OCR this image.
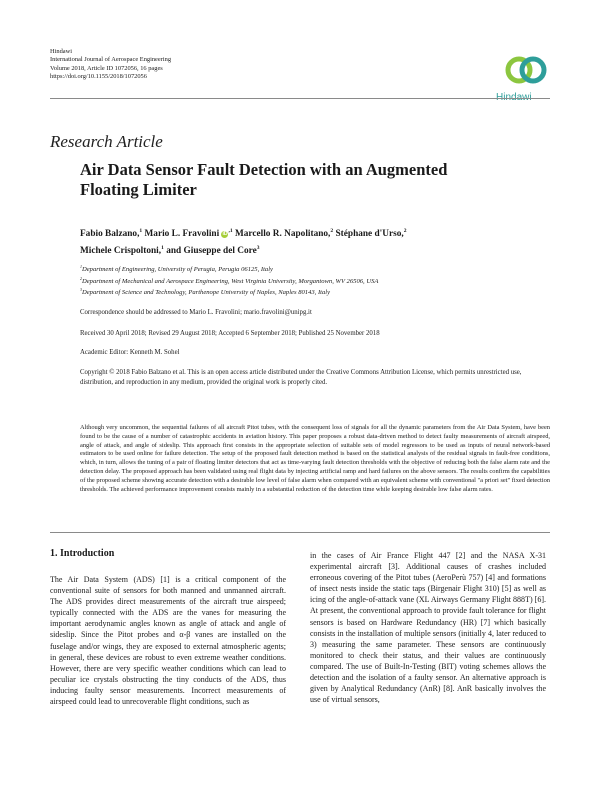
Hindawi
International Journal of Aerospace Engineering
Volume 2018, Article ID 1072056, 16 pages
https://doi.org/10.1155/2018/1072056
Hindawi
Research Article
Air Data Sensor Fault Detection with an Augmented Floating Limiter
Fabio Balzano,$^1$ Mario L. Fravolini $iD^{,1}$ Marcello R. Napolitano,$^2$ Stéphane d'Urso,$^2$
Michele Crispoltoni,$^1$ and Giuseppe del Core$^3$
$^1$Department of Engineering, University of Perugia, Perugia 06125, Italy
$^2$Department of Mechanical and Aerospace Engineering, West Virginia University, Morgantown, WV 26506, USA
$^3$Department of Science and Technology, Parthenope University of Naples, Naples 80143, Italy
Correspondence should be addressed to Mario L. Fravolini; mario.fravolini@unipg.it
Received 30 April 2018; Revised 29 August 2018; Accepted 6 September 2018; Published 25 November 2018
Academic Editor: Kenneth M. Sohel
Copyright © 2018 Fabio Balzano et al. This is an open access article distributed under the Creative Commons Attribution License, which permits unrestricted use, distribution, and reproduction in any medium, provided the original work is properly cited.
Although very uncommon, the sequential failures of all aircraft Pitot tubes, with the consequent loss of signals for all the dynamic parameters from the Air Data System, have been found to be the cause of a number of catastrophic accidents in aviation history. This paper proposes a robust data-driven method to detect faulty measurements of aircraft airspeed, angle of attack, and angle of sideslip. This approach first consists in the appropriate selection of suitable sets of model regressors to be used as inputs of neural network-based estimators to be used online for failure detection. The setup of the proposed fault detection method is based on the statistical analysis of the residual signals in fault-free conditions, which, in turn, allows the tuning of a pair of floating limiter detectors that act as time-varying fault detection thresholds with the objective of reducing both the false alarm rate and the detection delay. The proposed approach has been validated using real flight data by injecting artificial ramp and hard failures on the above sensors. The results confirm the capabilities of the proposed scheme showing accurate detection with a desirable low level of false alarm when compared with an equivalent scheme with conventional "a priori set" fixed detection thresholds. The achieved performance improvement consists mainly in a substantial reduction of the detection time while keeping desirable low false alarm rates.
1. Introduction
The Air Data System (ADS) [1] is a critical component of the conventional suite of sensors for both manned and unmanned aircraft. The ADS provides direct measurements of the aircraft true airspeed; typically connected with the ADS are the vanes for measuring the important aerodynamic angles known as angle of attack and angle of sideslip. Since the Pitot probes and α-β vanes are installed on the fuselage and/or wings, they are exposed to external atmospheric agents; in general, these devices are robust to even extreme weather conditions. However, there are very specific weather conditions which can lead to peculiar ice crystals obstructing the tiny conducts of the ADS, thus inducing faulty sensor measurements. Incorrect measurements of airspeed could lead to unrecoverable flight conditions, such as
in the cases of Air France Flight 447 [2] and the NASA X-31 experimental aircraft [3]. Additional causes of crashes included erroneous covering of the Pitot tubes (AeroPerù 757) [4] and formations of insect nests inside the static taps (Birgenair Flight 310) [5] as well as icing of the angle-of-attack vane (XL Airways Germany Flight 888T) [6]. At present, the conventional approach to provide fault tolerance for flight sensors is based on Hardware Redundancy (HR) [7] which basically consists in the installation of multiple sensors (initially 4, later reduced to 3) measuring the same parameter. These sensors are continuously monitored to check their status, and their values are continuously compared. The use of Built-In-Testing (BIT) voting schemes allows the detection and the isolation of a faulty sensor. An alternative approach is given by Analytical Redundancy (AnR) [8]. AnR basically involves the use of virtual sensors,
